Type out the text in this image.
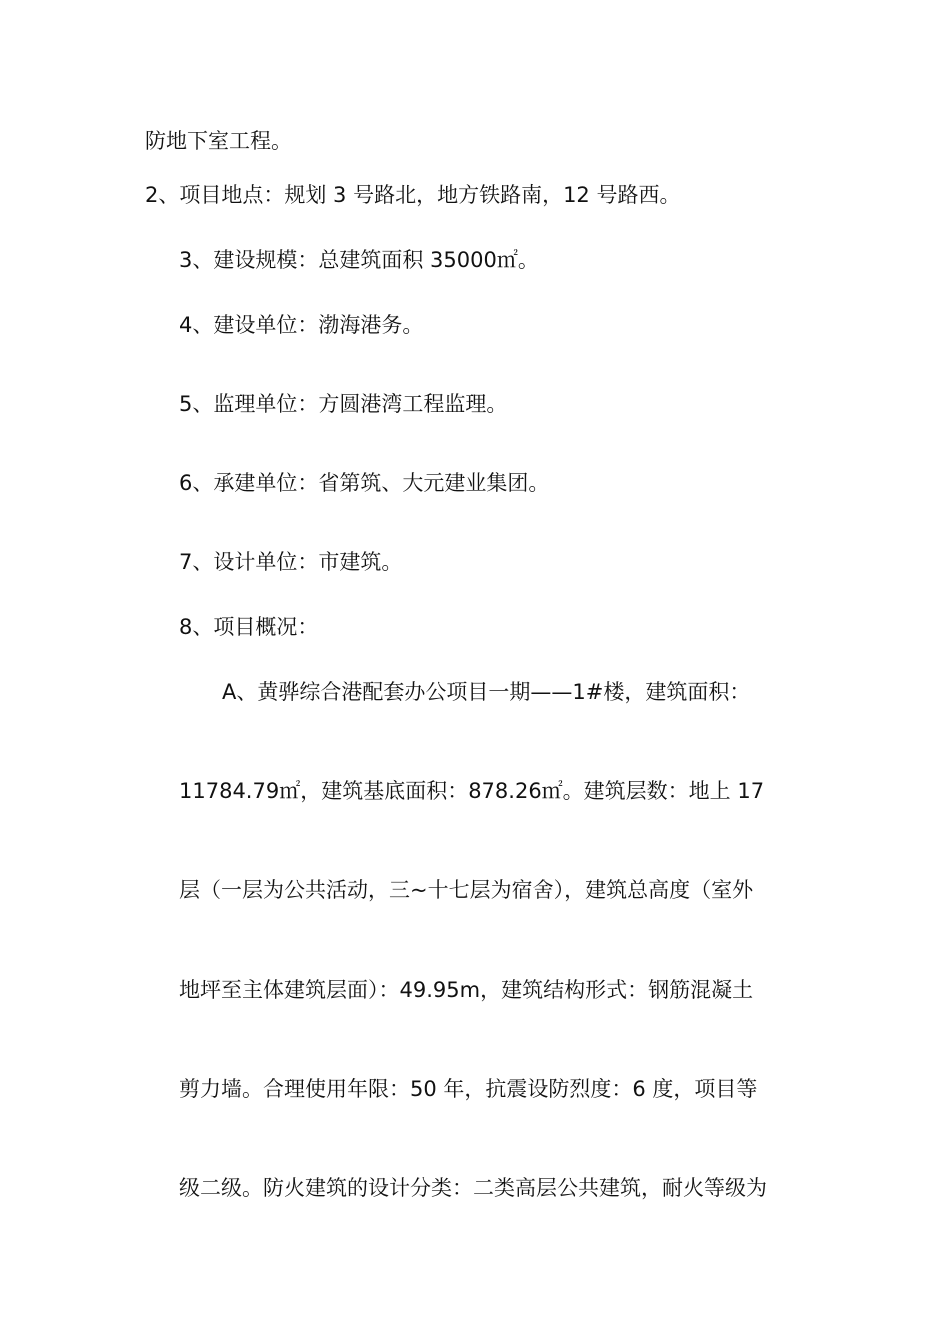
防地下室工程。

2、项目地点：规划 3 号路北，地方铁路南，12 号路西。

3、建设规模：总建筑面积 35000㎡。

4、建设单位：渤海港务。

5、监理单位：方圆港湾工程监理。

6、承建单位：省第筑、大元建业集团。

7、设计单位：市建筑。

8、项目概况：

A、黄骅综合港配套办公项目一期——1#楼，建筑面积：

11784.79㎡，建筑基底面积：878.26㎡。建筑层数：地上 17

层（一层为公共活动，三~十七层为宿舍），建筑总高度（室外

地坪至主体建筑层面）：49.95m，建筑结构形式：钢筋混凝土

剪力墙。合理使用年限：50 年，抗震设防烈度：6 度，项目等

级二级。防火建筑的设计分类：二类高层公共建筑，耐火等级为
